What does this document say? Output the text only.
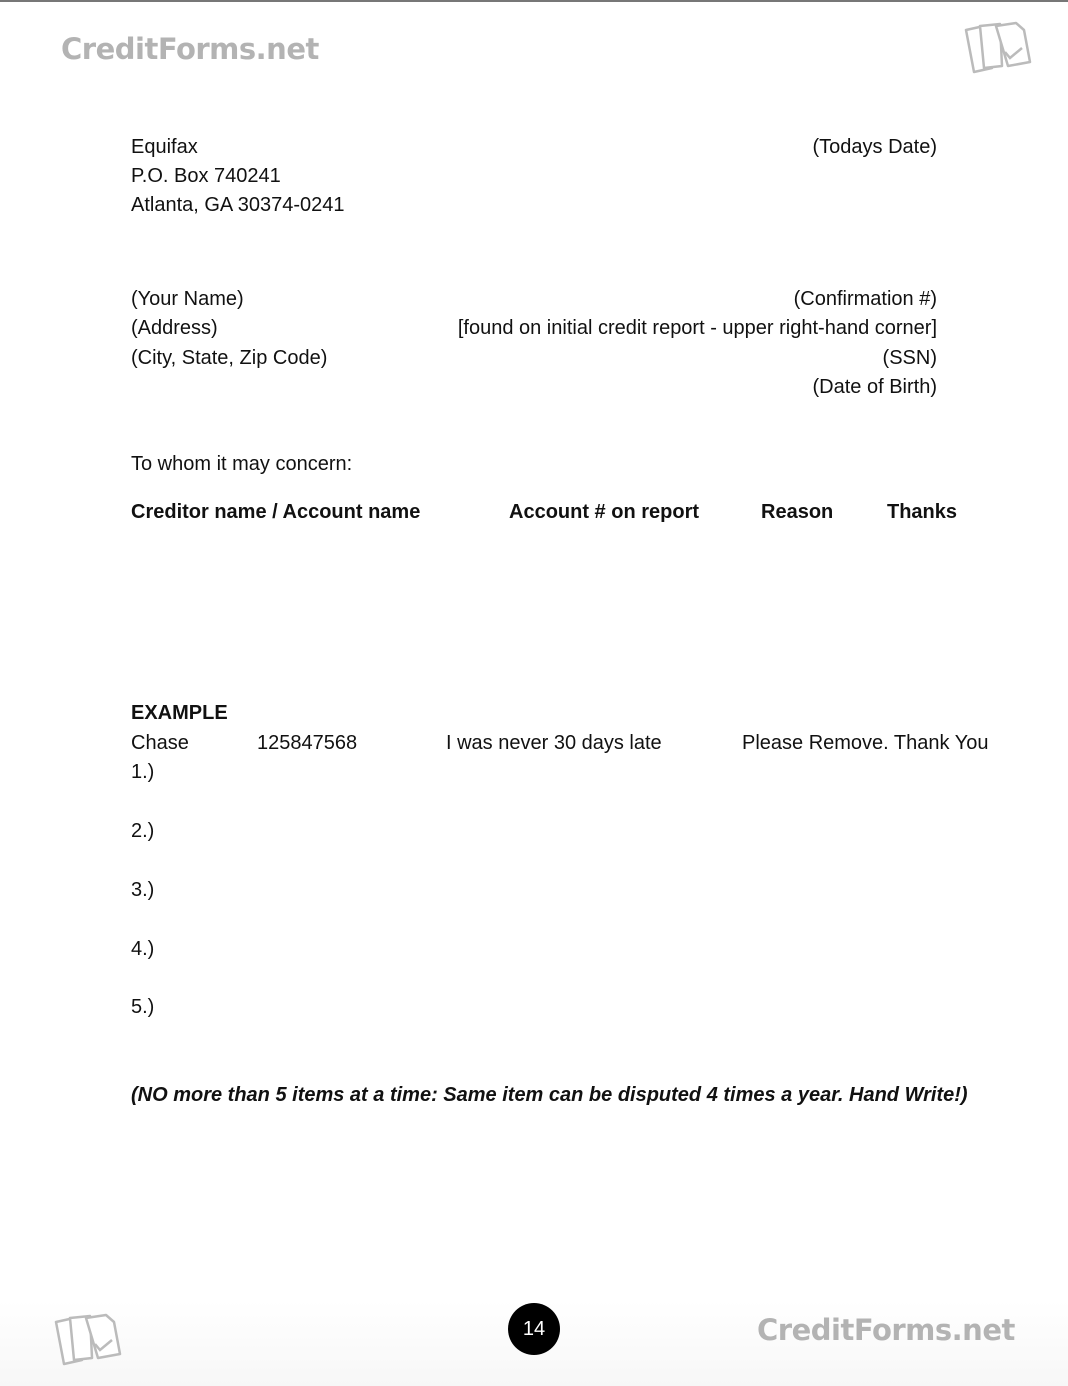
CreditForms.net
Equifax
P.O. Box 740241
Atlanta, GA 30374-0241
(Todays Date)
(Your Name)
(Address)
(City, State, Zip Code)
(Confirmation #)
[found on initial credit report - upper right-hand corner]
(SSN)
(Date of Birth)
To whom it may concern:
Creditor name / Account name	Account # on report	Reason	Thanks
EXAMPLE
Chase	125847568	I was never 30 days late	Please Remove. Thank You
1.)
2.)
3.)
4.)
5.)
(NO more than 5 items at a time: Same item can be disputed 4 times a year. Hand Write!)
14	CreditForms.net
